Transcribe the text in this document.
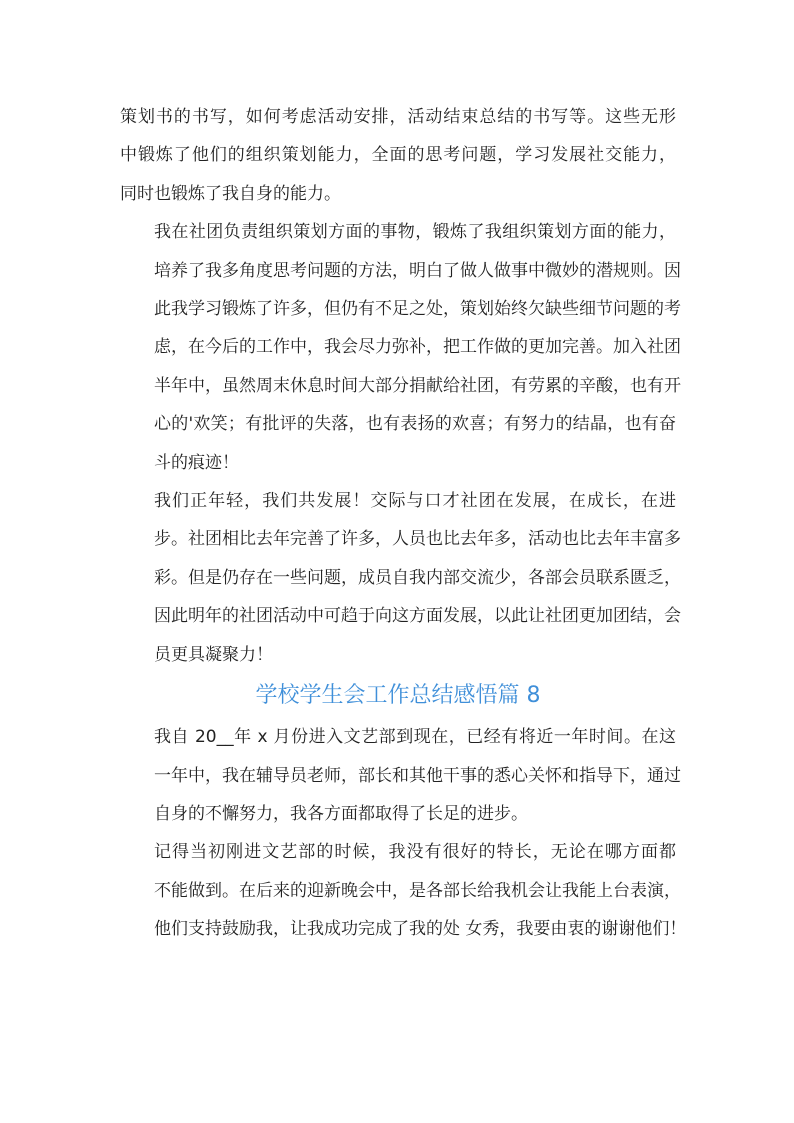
策划书的书写，如何考虑活动安排，活动结束总结的书写等。这些无形
中锻炼了他们的组织策划能力，全面的思考问题，学习发展社交能力，
同时也锻炼了我自身的能力。

我在社团负责组织策划方面的事物，锻炼了我组织策划方面的能力，
培养了我多角度思考问题的方法，明白了做人做事中微妙的潜规则。因
此我学习锻炼了许多，但仍有不足之处，策划始终欠缺些细节问题的考
虑，在今后的工作中，我会尽力弥补，把工作做的更加完善。加入社团
半年中，虽然周末休息时间大部分捐献给社团，有劳累的辛酸，也有开
心的'欢笑；有批评的失落，也有表扬的欢喜；有努力的结晶，也有奋
斗的痕迹！

我们正年轻，我们共发展！交际与口才社团在发展，在成长，在进
步。社团相比去年完善了许多，人员也比去年多，活动也比去年丰富多
彩。但是仍存在一些问题，成员自我内部交流少，各部会员联系匮乏，
因此明年的社团活动中可趋于向这方面发展，以此让社团更加团结，会
员更具凝聚力！

学校学生会工作总结感悟篇 8

我自 20__年 x 月份进入文艺部到现在，已经有将近一年时间。在这
一年中，我在辅导员老师，部长和其他干事的悉心关怀和指导下，通过
自身的不懈努力，我各方面都取得了长足的进步。

记得当初刚进文艺部的时候，我没有很好的特长，无论在哪方面都
不能做到。在后来的迎新晚会中，是各部长给我机会让我能上台表演，
他们支持鼓励我，让我成功完成了我的处 女秀，我要由衷的谢谢他们！
